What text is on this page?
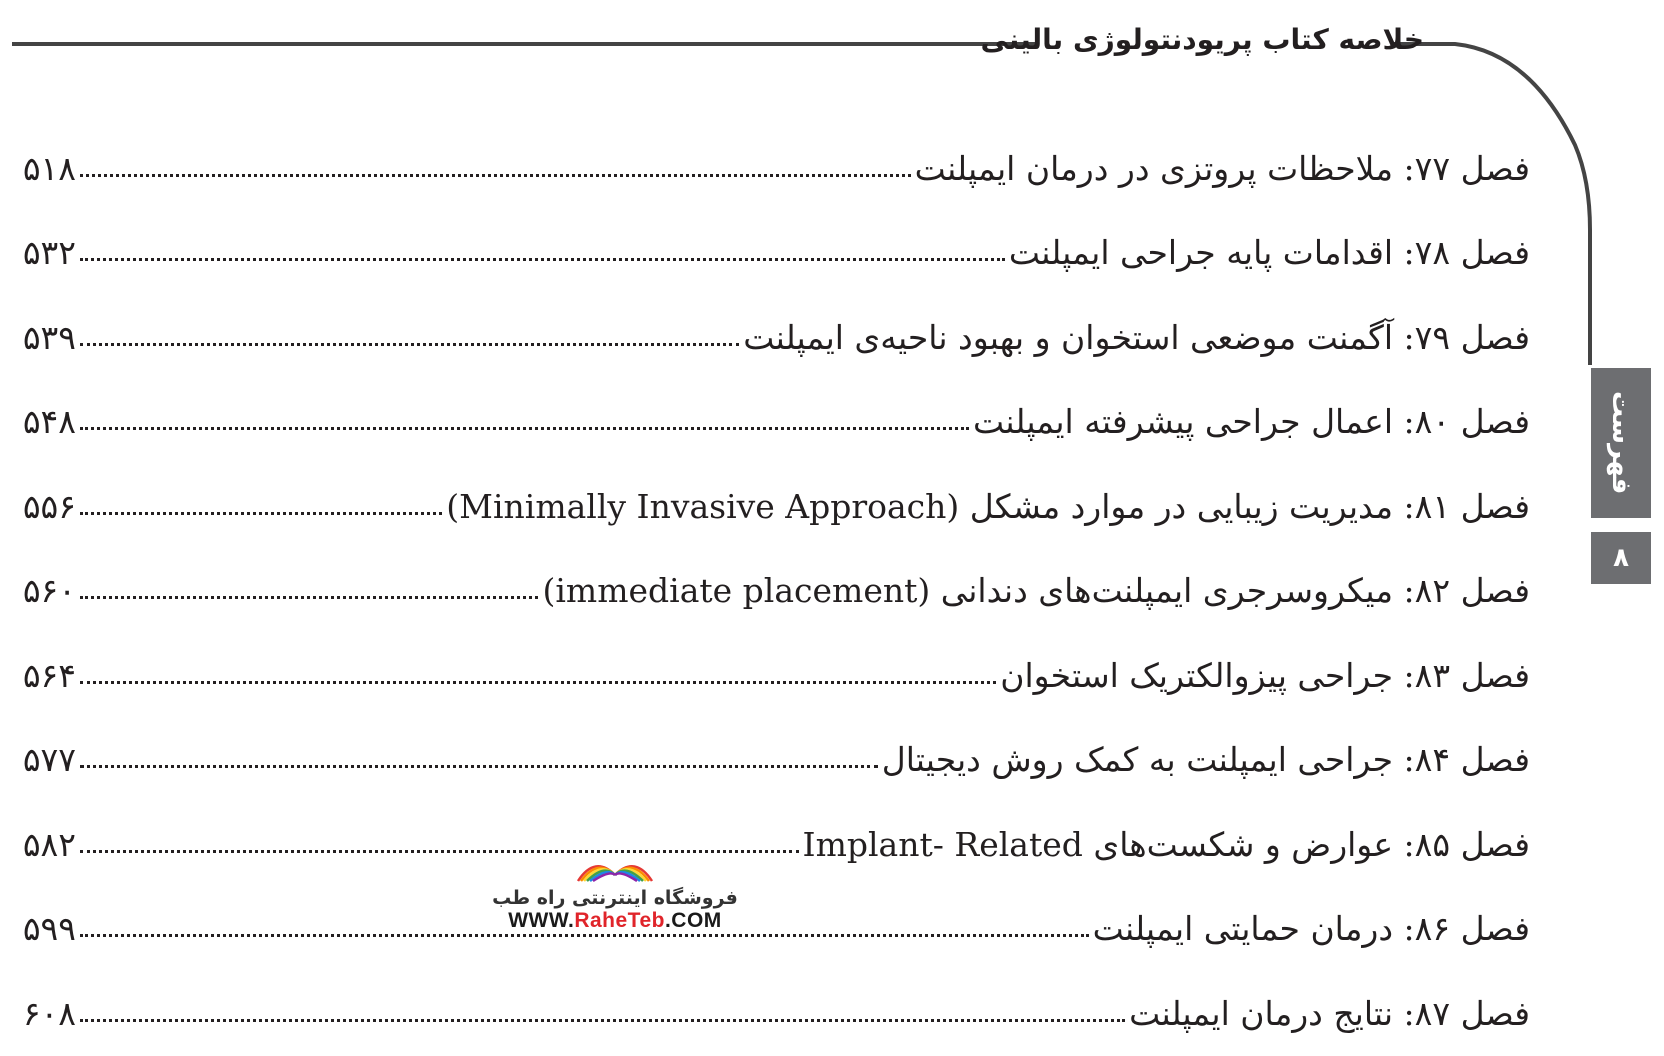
خلاصه کتاب پریودنتولوژی بالینی
فهرست
۸
فصل ۷۷: ملاحظات پروتزی در درمان ایمپلنت
۵۱۸
فصل ۷۸: اقدامات پایه جراحی ایمپلنت
۵۳۲
فصل ۷۹: آگمنت موضعی استخوان و بهبود ناحیه‌ی ایمپلنت
۵۳۹
فصل ۸۰: اعمال جراحی پیشرفته ایمپلنت
۵۴۸
فصل ۸۱: مدیریت زیبایی در موارد مشکل (Minimally Invasive Approach)
۵۵۶
فصل ۸۲: میکروسرجری ایمپلنت‌های دندانی (immediate placement)
۵۶۰
فصل ۸۳: جراحی پیزوالکتریک استخوان
۵۶۴
فصل ۸۴: جراحی ایمپلنت به کمک روش دیجیتال
۵۷۷
فصل ۸۵: عوارض و شکست‌های Implant- Related
۵۸۲
فصل ۸۶: درمان حمایتی ایمپلنت
۵۹۹
فصل ۸۷: نتایج درمان ایمپلنت
۶۰۸
فروشگاه اینترنتی راه طب
WWW.RaheTeb.COM
